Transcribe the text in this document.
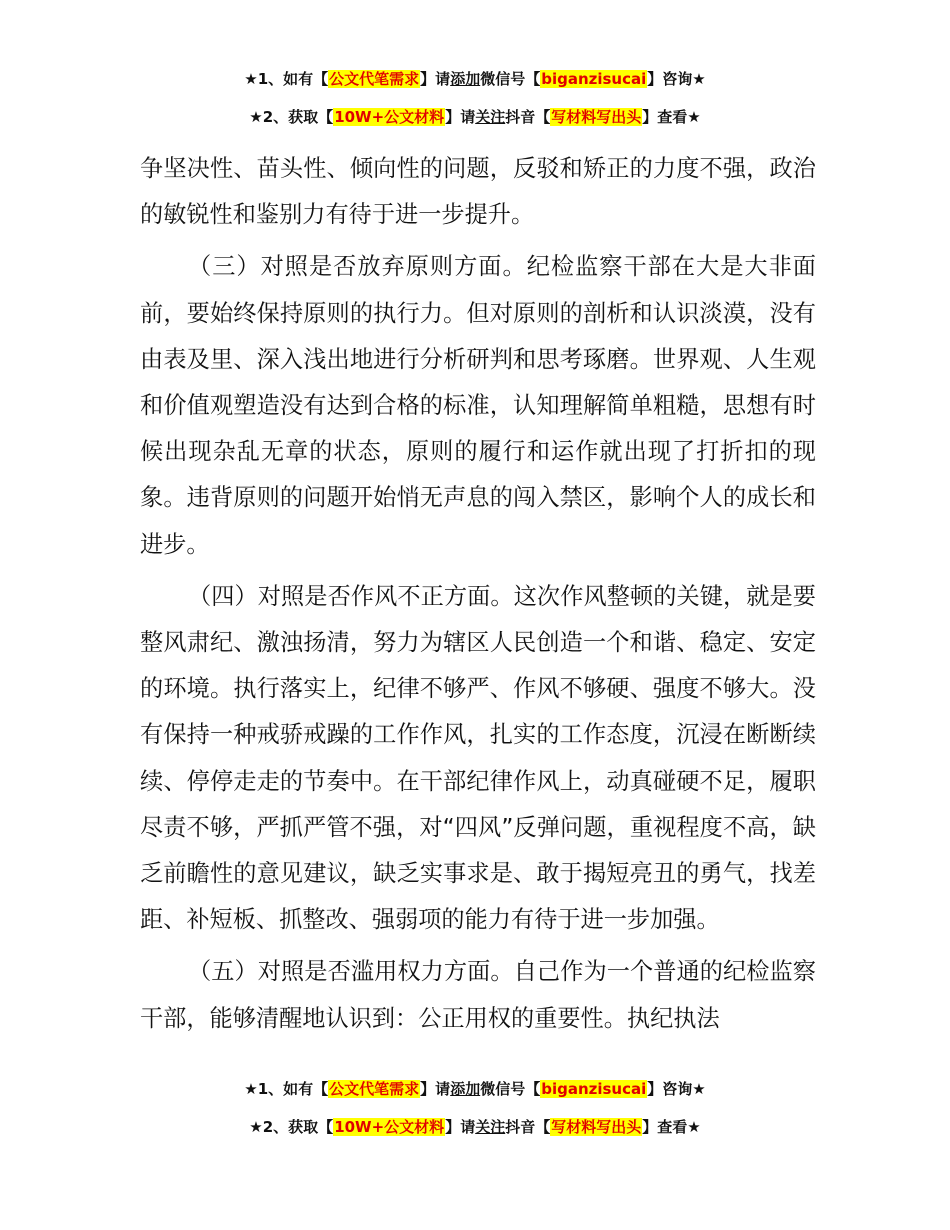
★1、如有【公文代笔需求】请添加微信号【biganzisucai】咨询★
★2、获取【10W+公文材料】请关注抖音【写材料写出头】查看★

争坚决性、苗头性、倾向性的问题，反驳和矫正的力度不强，政治的敏锐性和鉴别力有待于进一步提升。

（三）对照是否放弃原则方面。纪检监察干部在大是大非面前，要始终保持原则的执行力。但对原则的剖析和认识淡漠，没有由表及里、深入浅出地进行分析研判和思考琢磨。世界观、人生观和价值观塑造没有达到合格的标准，认知理解简单粗糙，思想有时候出现杂乱无章的状态，原则的履行和运作就出现了打折扣的现象。违背原则的问题开始悄无声息的闯入禁区，影响个人的成长和进步。

（四）对照是否作风不正方面。这次作风整顿的关键，就是要整风肃纪、激浊扬清，努力为辖区人民创造一个和谐、稳定、安定的环境。执行落实上，纪律不够严、作风不够硬、强度不够大。没有保持一种戒骄戒躁的工作作风，扎实的工作态度，沉浸在断断续续、停停走走的节奏中。在干部纪律作风上，动真碰硬不足，履职尽责不够，严抓严管不强，对“四风”反弹问题，重视程度不高，缺乏前瞻性的意见建议，缺乏实事求是、敢于揭短亮丑的勇气，找差距、补短板、抓整改、强弱项的能力有待于进一步加强。

（五）对照是否滥用权力方面。自己作为一个普通的纪检监察干部，能够清醒地认识到：公正用权的重要性。执纪执法

★1、如有【公文代笔需求】请添加微信号【biganzisucai】咨询★
★2、获取【10W+公文材料】请关注抖音【写材料写出头】查看★
